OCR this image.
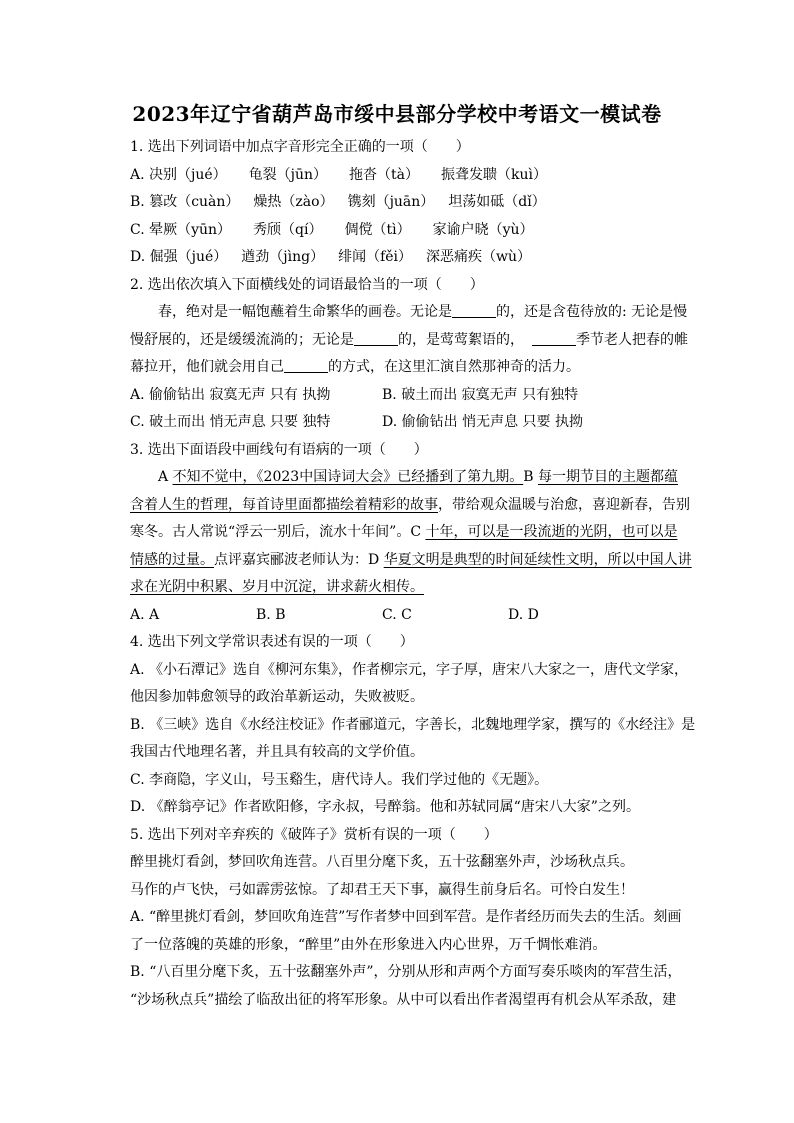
2023年辽宁省葫芦岛市绥中县部分学校中考语文一模试卷
1. 选出下列词语中加点字音形完全正确的一项（　　）
A. 决别（jué） 龟裂（jūn） 拖沓（tà） 振聋发聩（kuì）
B. 篡改（cuàn） 燥热（zào） 镌刻（juān） 坦荡如砥（dǐ）
C. 晕厥（yūn） 秀颀（qí） 倜傥（tì） 家谕户晓（yù）
D. 倔强（jué） 遒劲（jìng） 绯闻（fěi） 深恶痛疾（wù）
2. 选出依次填入下面横线处的词语最恰当的一项（　　）
春，绝对是一幅饱蘸着生命繁华的画卷。无论是	的，还是含苞待放的: 无论是慢
慢舒展的，还是缓缓流淌的；无论是	的，是莺莺絮语的，	季节老人把春的帷
幕拉开，他们就会用自己	的方式，在这里汇演自然那神奇的活力。
A. 偷偷钻出 寂寞无声 只有 执拗	B. 破土而出 寂寞无声 只有独特
C. 破土而出 悄无声息 只要 独特	D. 偷偷钻出 悄无声息 只要 执拗
3. 选出下面语段中画线句有语病的一项（　　）
A 不知不觉中，《2023中国诗词大会》已经播到了第九期。B 每一期节目的主题都蕴
含着人生的哲理，每首诗里面都描绘着精彩的故事，带给观众温暖与治愈，喜迎新春，告别
寒冬。古人常说“浮云一别后，流水十年间”。C 十年，可以是一段流逝的光阴，也可以是
情感的过量。点评嘉宾郦波老师认为：D 华夏文明是典型的时间延续性文明，所以中国人讲
求在光阴中积累、岁月中沉淀，讲求薪火相传。
A. A	B. B	C. C	D. D
4. 选出下列文学常识表述有误的一项（　　）
A. 《小石潭记》选自《柳河东集》，作者柳宗元，字子厚，唐宋八大家之一，唐代文学家，
他因参加韩愈领导的政治革新运动，失败被贬。
B. 《三峡》选自《水经注校证》作者郦道元，字善长，北魏地理学家，撰写的《水经注》是
我国古代地理名著，并且具有较高的文学价值。
C. 李商隐，字义山，号玉谿生，唐代诗人。我们学过他的《无题》。
D. 《醉翁亭记》作者欧阳修，字永叔，号醉翁。他和苏轼同属“唐宋八大家”之列。
5. 选出下列对辛弃疾的《破阵子》赏析有误的一项（　　）
醉里挑灯看剑，梦回吹角连营。八百里分麾下炙，五十弦翻塞外声，沙场秋点兵。
马作的卢飞快，弓如霹雳弦惊。了却君王天下事，赢得生前身后名。可怜白发生！
A. “醉里挑灯看剑，梦回吹角连营”写作者梦中回到军营。是作者经历而失去的生活。刻画
了一位落魄的英雄的形象，“醉里”由外在形象进入内心世界，万千惆怅难消。
B. “八百里分麾下炙，五十弦翻塞外声”，分别从形和声两个方面写奏乐啖肉的军营生活，
“沙场秋点兵”描绘了临敌出征的将军形象。从中可以看出作者渴望再有机会从军杀敌，建
